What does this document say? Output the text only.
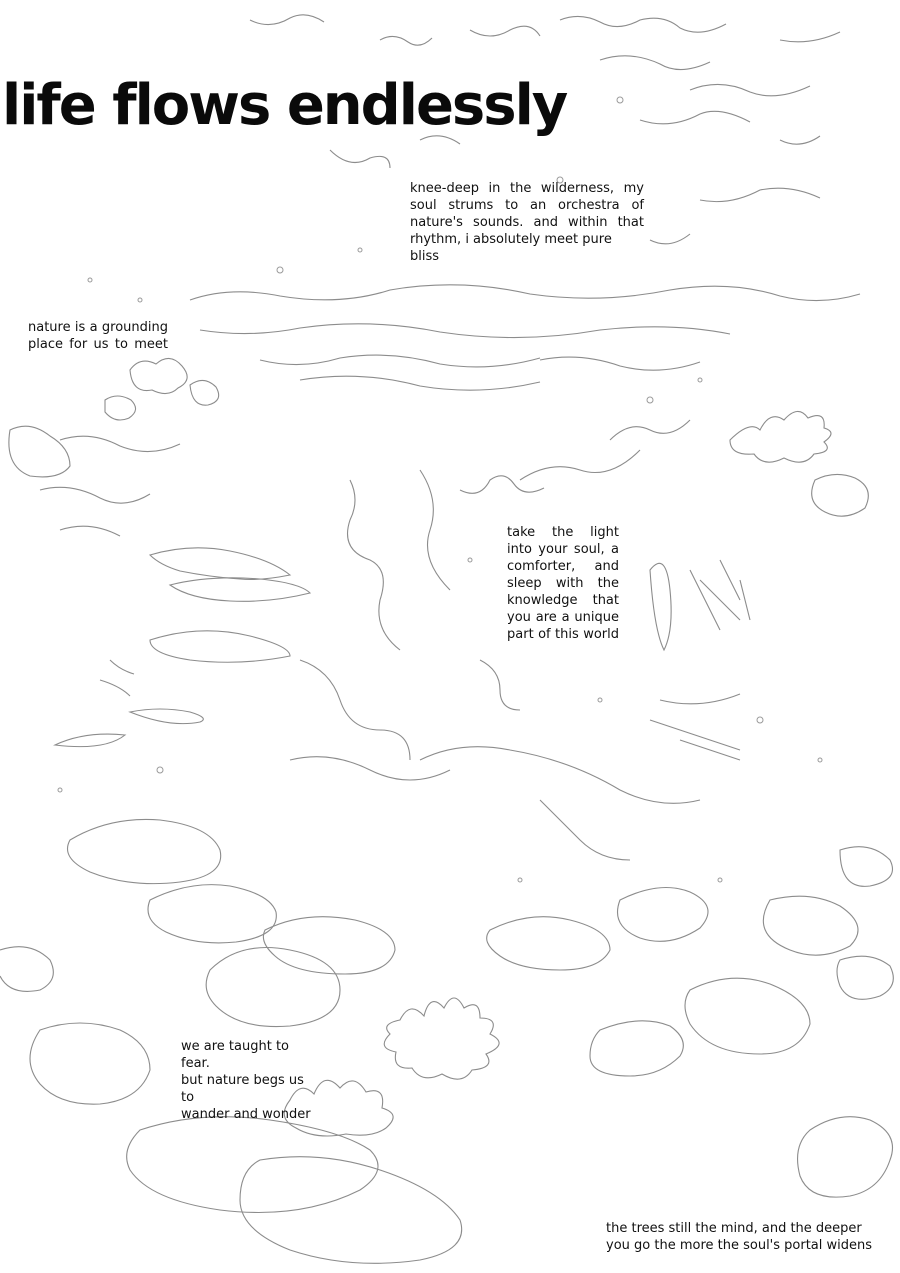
life flows endlessly

knee-deep in the wilderness, my
soul strums to an orchestra of
nature's sounds. and within that
rhythm, i absolutely meet pure bliss

nature is a grounding
place for us to meet

take the light
into your soul, a
comforter, and
sleep with the
knowledge that
you are a unique
part of this world

we are taught to fear.
but nature begs us to
wander and wonder

the trees still the mind, and the deeper
you go the more the soul's portal widens
